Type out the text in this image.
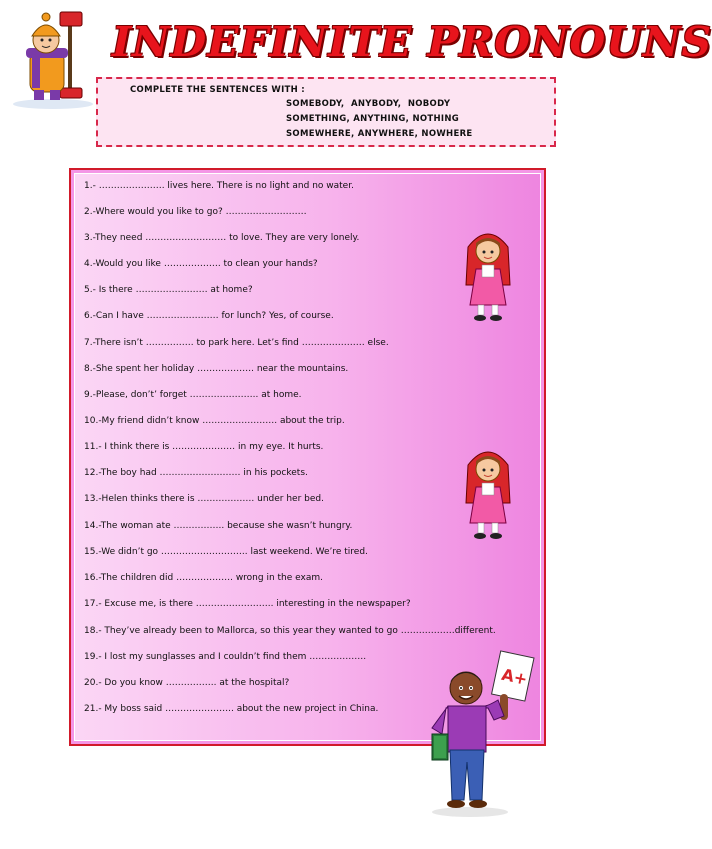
INDEFINITE PRONOUNS
COMPLETE THE SENTENCES WITH :
SOMEBODY,  ANYBODY,  NOBODY
SOMETHING, ANYTHING, NOTHING
SOMEWHERE, ANYWHERE, NOWHERE
1.- …………………. lives here. There is no light and no water.
2.-Where would you like to go? ………………………
3.-They need ……………………… to love. They are very lonely.
4.-Would you like ………………. to clean your hands?
5.- Is there …………………… at home?
6.-Can I have …………………… for lunch? Yes, of course.
7.-There isn’t ……………. to park here. Let’s find ………………… else.
8.-She spent her holiday ………………. near the mountains.
9.-Please, don’t’ forget ………………….. at home.
10.-My friend didn’t know ……………………. about the trip.
11.- I think there is ………………… in my eye. It hurts.
12.-The boy had ……………………… in his pockets.
13.-Helen thinks there is ………………. under her bed.
14.-The woman ate …………….. because she wasn’t hungry.
15.-We didn’t go ……………………….. last weekend. We’re tired.
16.-The children did ………………. wrong in the exam.
17.- Excuse me, is there …………………….. interesting in the newspaper?
18.- They’ve already been to Mallorca, so this year they wanted to go ………………different.
19.- I lost my sunglasses and I couldn’t find them ……………….
20.- Do you know …………….. at the hospital?
21.- My boss said ………………….. about the new project in China.
A+
